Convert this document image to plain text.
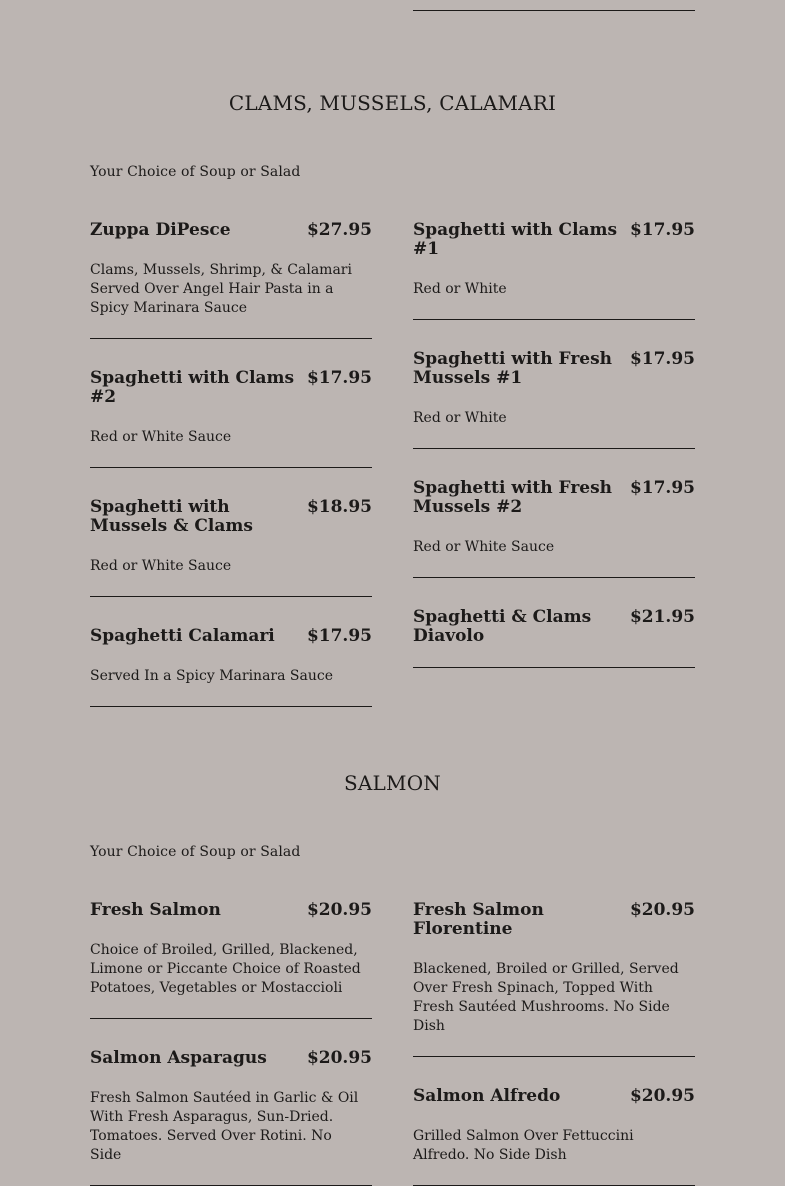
CLAMS, MUSSELS, CALAMARI
Your Choice of Soup or Salad
Zuppa DiPesce	$27.95
Clams, Mussels, Shrimp, & Calamari Served Over Angel Hair Pasta in a Spicy Marinara Sauce
Spaghetti with Clams #2
$17.95
Red or White Sauce
Spaghetti with Mussels & Clams
$18.95
Red or White Sauce
Spaghetti Calamari $17.95
Served In a Spicy Marinara Sauce
Spaghetti with Clams #1
$17.95
Red or White
Spaghetti with Fresh Mussels #1
$17.95
Red or White
Spaghetti with Fresh Mussels #2
$17.95
Red or White Sauce
Spaghetti & Clams Diavolo
$21.95
SALMON
Your Choice of Soup or Salad
Fresh Salmon	$20.95
Choice of Broiled, Grilled, Blackened, Limone or Piccante Choice of Roasted Potatoes, Vegetables or Mostaccioli
Salmon Asparagus $20.95
Fresh Salmon Sautéed in Garlic & Oil With Fresh Asparagus, Sun-Dried. Tomatoes. Served Over Rotini. No Side
Fresh Salmon Florentine
$20.95
Blackened, Broiled or Grilled, Served Over Fresh Spinach, Topped With Fresh Sautéed Mushrooms. No Side Dish
Salmon Alfredo	$20.95
Grilled Salmon Over Fettuccini Alfredo. No Side Dish
